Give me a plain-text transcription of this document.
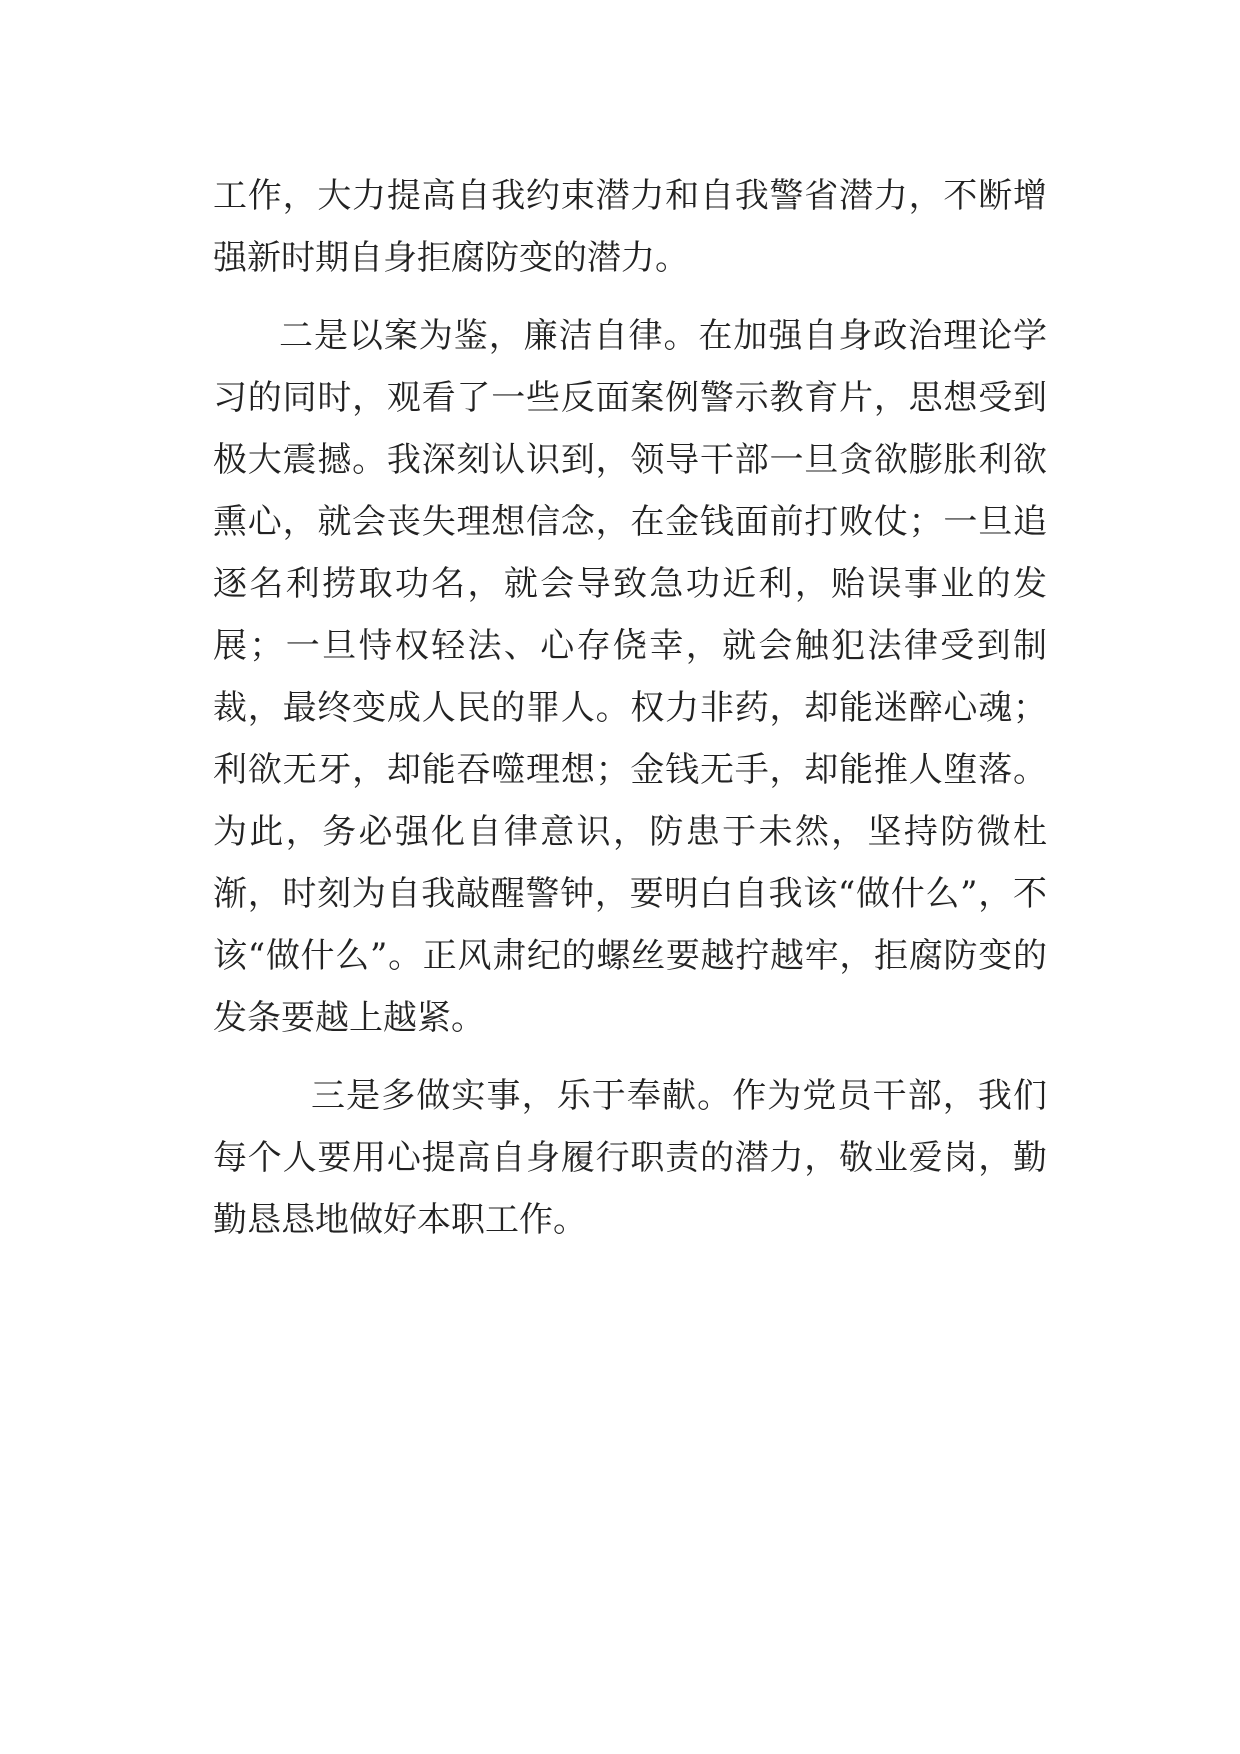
工作，大力提高自我约束潜力和自我警省潜力，不断增强新时期自身拒腐防变的潜力。

二是以案为鉴，廉洁自律。在加强自身政治理论学习的同时，观看了一些反面案例警示教育片，思想受到极大震撼。我深刻认识到，领导干部一旦贪欲膨胀利欲熏心，就会丧失理想信念，在金钱面前打败仗；一旦追逐名利捞取功名，就会导致急功近利，贻误事业的发展；一旦恃权轻法、心存侥幸，就会触犯法律受到制裁，最终变成人民的罪人。权力非药，却能迷醉心魂；利欲无牙，却能吞噬理想；金钱无手，却能推人堕落。为此，务必强化自律意识，防患于未然，坚持防微杜渐，时刻为自我敲醒警钟，要明白自我该“做什么”，不该“做什么”。正风肃纪的螺丝要越拧越牢，拒腐防变的发条要越上越紧。

三是多做实事，乐于奉献。作为党员干部，我们每个人要用心提高自身履行职责的潜力，敬业爱岗，勤勤恳恳地做好本职工作。
